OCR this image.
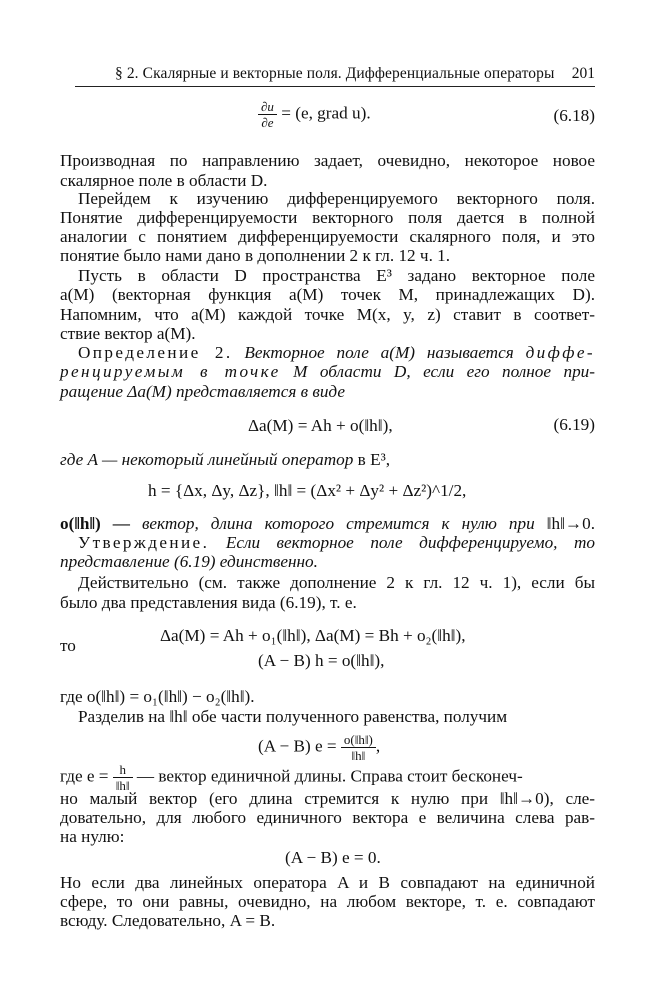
§ 2. Скалярные и векторные поля. Дифференциальные операторы 201
$\frac{\partial u}{\partial e} = (e$, grad u).	(6.18)
Производная по направлению задает, очевидно, некоторое новое
скалярное поле в области D.
Перейдем к изучению дифференцируемого векторного поля.
Понятие дифференцируемости векторного поля дается в полной
аналогии с понятием дифференцируемости скалярного поля, и это
понятие было нами дано в дополнении 2 к гл. 12 ч. 1.
Пусть в области D пространства E³ задано векторное поле
a(M) (векторная функция a(M) точек M, принадлежащих D).
Напомним, что a(M) каждой точке M(x, y, z) ставит в соответ-
ствие вектор a(M).
Определение 2. Векторное поле a(M) называется диффе-
ренцируемым в точке M области D, если его полное при-
ращение Δa(M) представляется в виде
Δa(M) = Ah + o(‖h‖),	(6.19)
где A — некоторый линейный оператор в E³,
h = {Δx, Δy, Δz}, ‖h‖ = (Δx² + Δy² + Δz²)^1/2,
o(‖h‖) — вектор, длина которого стремится к нулю при ‖h‖→0.
Утверждение. Если векторное поле дифференцируемо, то
представление (6.19) единственно.
Действительно (см. также дополнение 2 к гл. 12 ч. 1), если бы
было два представления вида (6.19), т. е.
Δa(M) = Ah + o₁(‖h‖), Δa(M) = Bh + o₂(‖h‖),
то
(A − B) h = o(‖h‖),
где o(‖h‖) = o₁(‖h‖) − o₂(‖h‖).
Разделив на ‖h‖ обе части полученного равенства, получим
(A − B) $e = \frac{o(‖h‖)}{‖h‖}$ ,
где $e = \frac{h}{‖h‖}$ — вектор единичной длины. Справа стоит бесконеч-
но малый вектор (его длина стремится к нулю при ‖h‖→0), сле-
довательно, для любого единичного вектора e величина слева рав-
на нулю:
(A − B) e = 0.
Но если два линейных оператора A и B совпадают на единичной
сфере, то они равны, очевидно, на любом векторе, т. е. совпадают
всюду. Следовательно, A = B.
